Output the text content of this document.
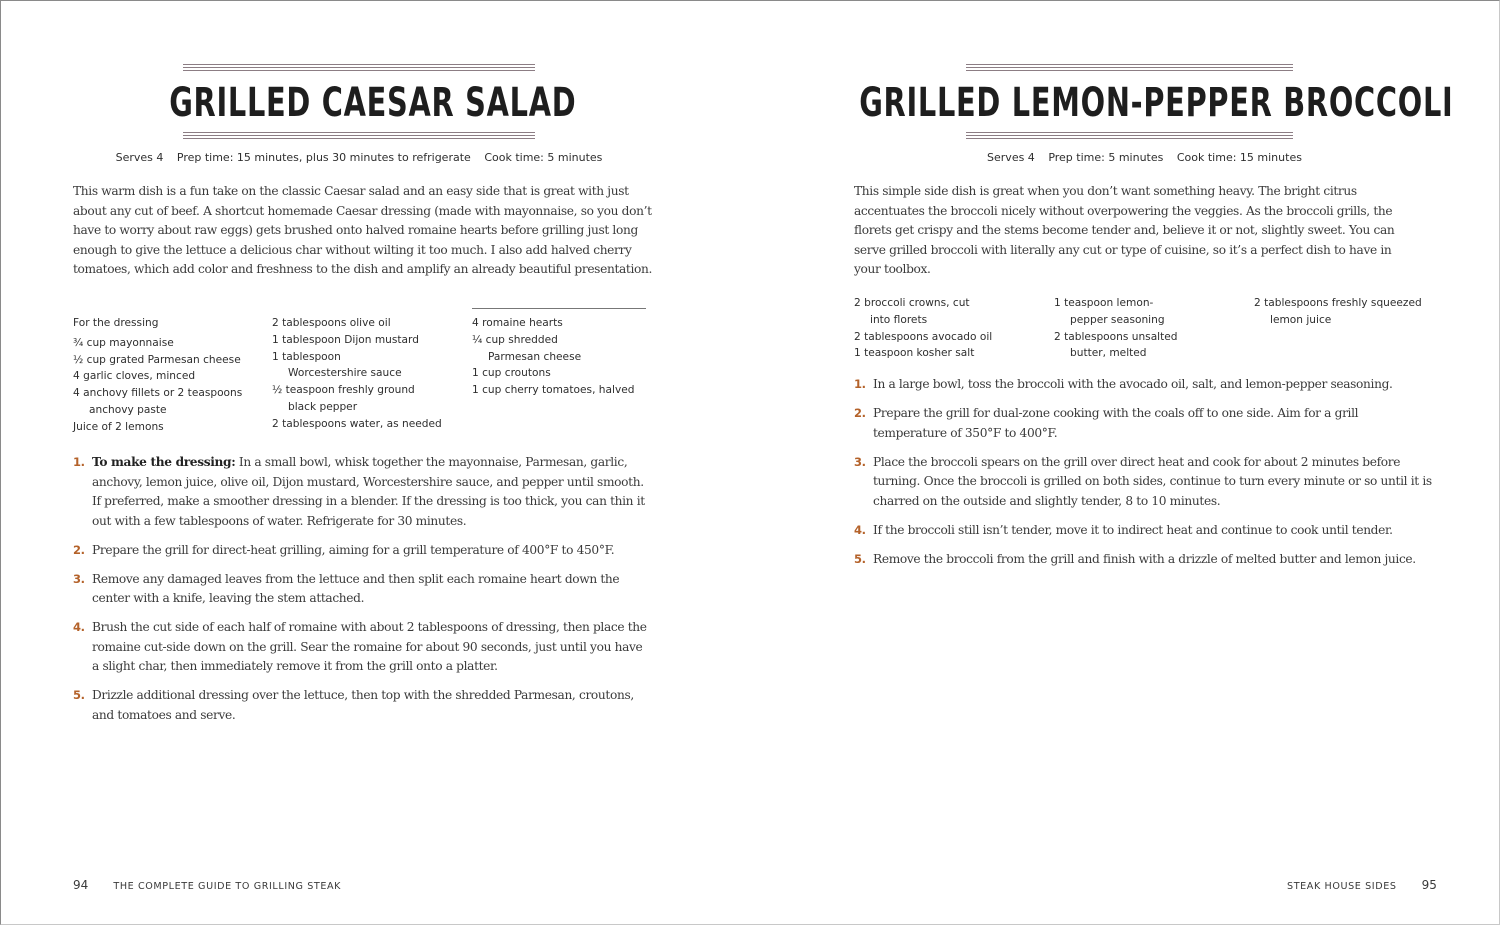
GRILLED CAESAR SALAD
Serves 4 Prep time: 15 minutes, plus 30 minutes to refrigerate Cook time: 5 minutes
This warm dish is a fun take on the classic Caesar salad and an easy side that is great with just about any cut of beef. A shortcut homemade Caesar dressing (made with mayonnaise, so you don’t have to worry about raw eggs) gets brushed onto halved romaine hearts before grilling just long enough to give the lettuce a delicious char without wilting it too much. I also add halved cherry tomatoes, which add color and freshness to the dish and amplify an already beautiful presentation.
For the dressing
¾ cup mayonnaise
½ cup grated Parmesan cheese
4 garlic cloves, minced
4 anchovy fillets or 2 teaspoons
anchovy paste
Juice of 2 lemons
2 tablespoons olive oil
1 tablespoon Dijon mustard
1 tablespoon
Worcestershire sauce
½ teaspoon freshly ground
black pepper
2 tablespoons water, as needed
4 romaine hearts
¼ cup shredded
Parmesan cheese
1 cup croutons
1 cup cherry tomatoes, halved
1. To make the dressing: In a small bowl, whisk together the mayonnaise, Parmesan, garlic, anchovy, lemon juice, olive oil, Dijon mustard, Worcestershire sauce, and pepper until smooth. If preferred, make a smoother dressing in a blender. If the dressing is too thick, you can thin it out with a few tablespoons of water. Refrigerate for 30 minutes.
2. Prepare the grill for direct-heat grilling, aiming for a grill temperature of 400°F to 450°F.
3. Remove any damaged leaves from the lettuce and then split each romaine heart down the center with a knife, leaving the stem attached.
4. Brush the cut side of each half of romaine with about 2 tablespoons of dressing, then place the romaine cut-side down on the grill. Sear the romaine for about 90 seconds, just until you have a slight char, then immediately remove it from the grill onto a platter.
5. Drizzle additional dressing over the lettuce, then top with the shredded Parmesan, croutons, and tomatoes and serve.
94	THE COMPLETE GUIDE TO GRILLING STEAK
GRILLED LEMON-PEPPER BROCCOLI
Serves 4 Prep time: 5 minutes Cook time: 15 minutes
This simple side dish is great when you don’t want something heavy. The bright citrus accentuates the broccoli nicely without overpowering the veggies. As the broccoli grills, the florets get crispy and the stems become tender and, believe it or not, slightly sweet. You can serve grilled broccoli with literally any cut or type of cuisine, so it’s a perfect dish to have in your toolbox.
2 broccoli crowns, cut
into florets
2 tablespoons avocado oil
1 teaspoon kosher salt
1 teaspoon lemon-
pepper seasoning
2 tablespoons unsalted
butter, melted
2 tablespoons freshly squeezed
lemon juice
1. In a large bowl, toss the broccoli with the avocado oil, salt, and lemon-pepper seasoning.
2. Prepare the grill for dual-zone cooking with the coals off to one side. Aim for a grill temperature of 350°F to 400°F.
3. Place the broccoli spears on the grill over direct heat and cook for about 2 minutes before turning. Once the broccoli is grilled on both sides, continue to turn every minute or so until it is charred on the outside and slightly tender, 8 to 10 minutes.
4. If the broccoli still isn’t tender, move it to indirect heat and continue to cook until tender.
5. Remove the broccoli from the grill and finish with a drizzle of melted butter and lemon juice.
STEAK HOUSE SIDES 95
